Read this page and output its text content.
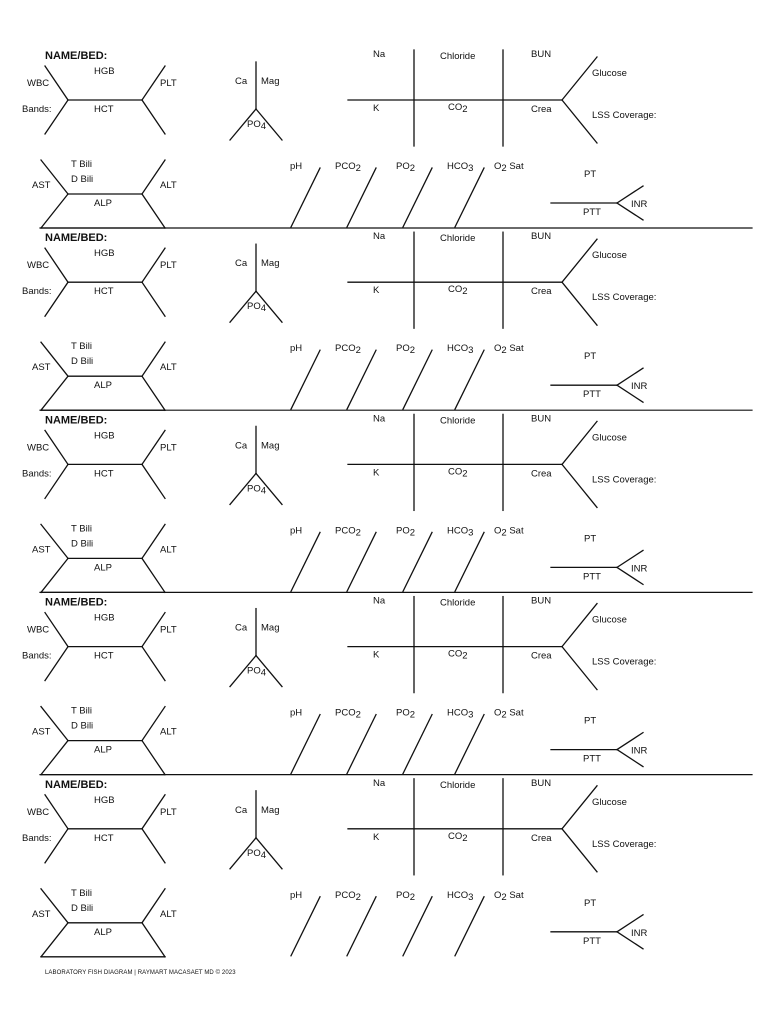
NAME/BED:
WBC
Bands:
HGB
HCT
PLT	Ca Mag
PO4
Na	Chloride	BUN
K	CO2	Crea
Glucose
LSS Coverage:
T Bili
D Bili
AST	ALT
ALP
pH	PCO2	PO2	HCO3 O2 Sat
PT
PTT
INR
NAME/BED:
WBC
Bands:
HGB
HCT
PLT	Ca Mag
PO4
Na	Chloride	BUN
K	CO2	Crea
Glucose
LSS Coverage:
T Bili
D Bili
AST	ALT
ALP
pH	PCO2	PO2	HCO3 O2 Sat
PT
PTT
INR
NAME/BED:
WBC
Bands:
HGB
HCT
PLT	Ca Mag
PO4
Na	Chloride	BUN
K	CO2	Crea
Glucose
LSS Coverage:
T Bili
D Bili
AST	ALT
ALP
pH	PCO2	PO2	HCO3 O2 Sat
PT
PTT
INR
NAME/BED:
WBC
Bands:
HGB
HCT
PLT	Ca Mag
PO4
Na	Chloride	BUN
K	CO2	Crea
Glucose
LSS Coverage:
T Bili
D Bili
AST	ALT
ALP
pH	PCO2	PO2	HCO3 O2 Sat
PT
PTT
INR
NAME/BED:
WBC
Bands:
HGB
HCT
PLT	Ca Mag
PO4
Na	Chloride	BUN
K	CO2	Crea
Glucose
LSS Coverage:
T Bili
D Bili
AST	ALT
ALP
pH	PCO2	PO2	HCO3 O2 Sat
PT
PTT
INR
LABORATORY FISH DIAGRAM | RAYMART MACASAET MD © 2023
